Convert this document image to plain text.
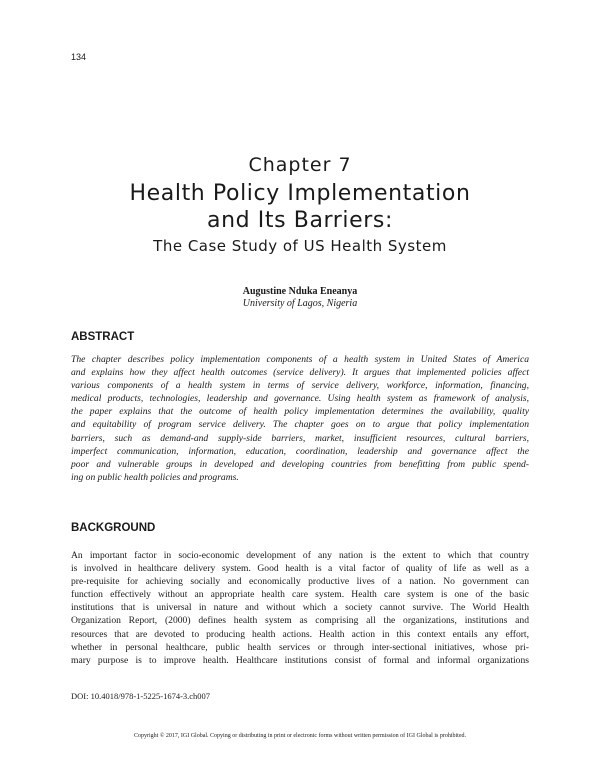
134
Chapter 7
Health Policy Implementation
and Its Barriers:
The Case Study of US Health System
Augustine Nduka Eneanya
University of Lagos, Nigeria
ABSTRACT
The chapter describes policy implementation components of a health system in United States of America
and explains how they affect health outcomes (service delivery). It argues that implemented policies affect
various components of a health system in terms of service delivery, workforce, information, financing,
medical products, technologies, leadership and governance. Using health system as framework of analysis,
the paper explains that the outcome of health policy implementation determines the availability, quality
and equitability of program service delivery. The chapter goes on to argue that policy implementation
barriers, such as demand-and supply-side barriers, market, insufficient resources, cultural barriers,
imperfect communication, information, education, coordination, leadership and governance affect the
poor and vulnerable groups in developed and developing countries from benefitting from public spend-
ing on public health policies and programs.
BACKGROUND
An important factor in socio-economic development of any nation is the extent to which that country
is involved in healthcare delivery system. Good health is a vital factor of quality of life as well as a
pre-requisite for achieving socially and economically productive lives of a nation. No government can
function effectively without an appropriate health care system. Health care system is one of the basic
institutions that is universal in nature and without which a society cannot survive. The World Health
Organization Report, (2000) defines health system as comprising all the organizations, institutions and
resources that are devoted to producing health actions. Health action in this context entails any effort,
whether in personal healthcare, public health services or through inter-sectional initiatives, whose pri-
mary purpose is to improve health. Healthcare institutions consist of formal and informal organizations
DOI: 10.4018/978-1-5225-1674-3.ch007
Copyright © 2017, IGI Global. Copying or distributing in print or electronic forms without written permission of IGI Global is prohibited.
